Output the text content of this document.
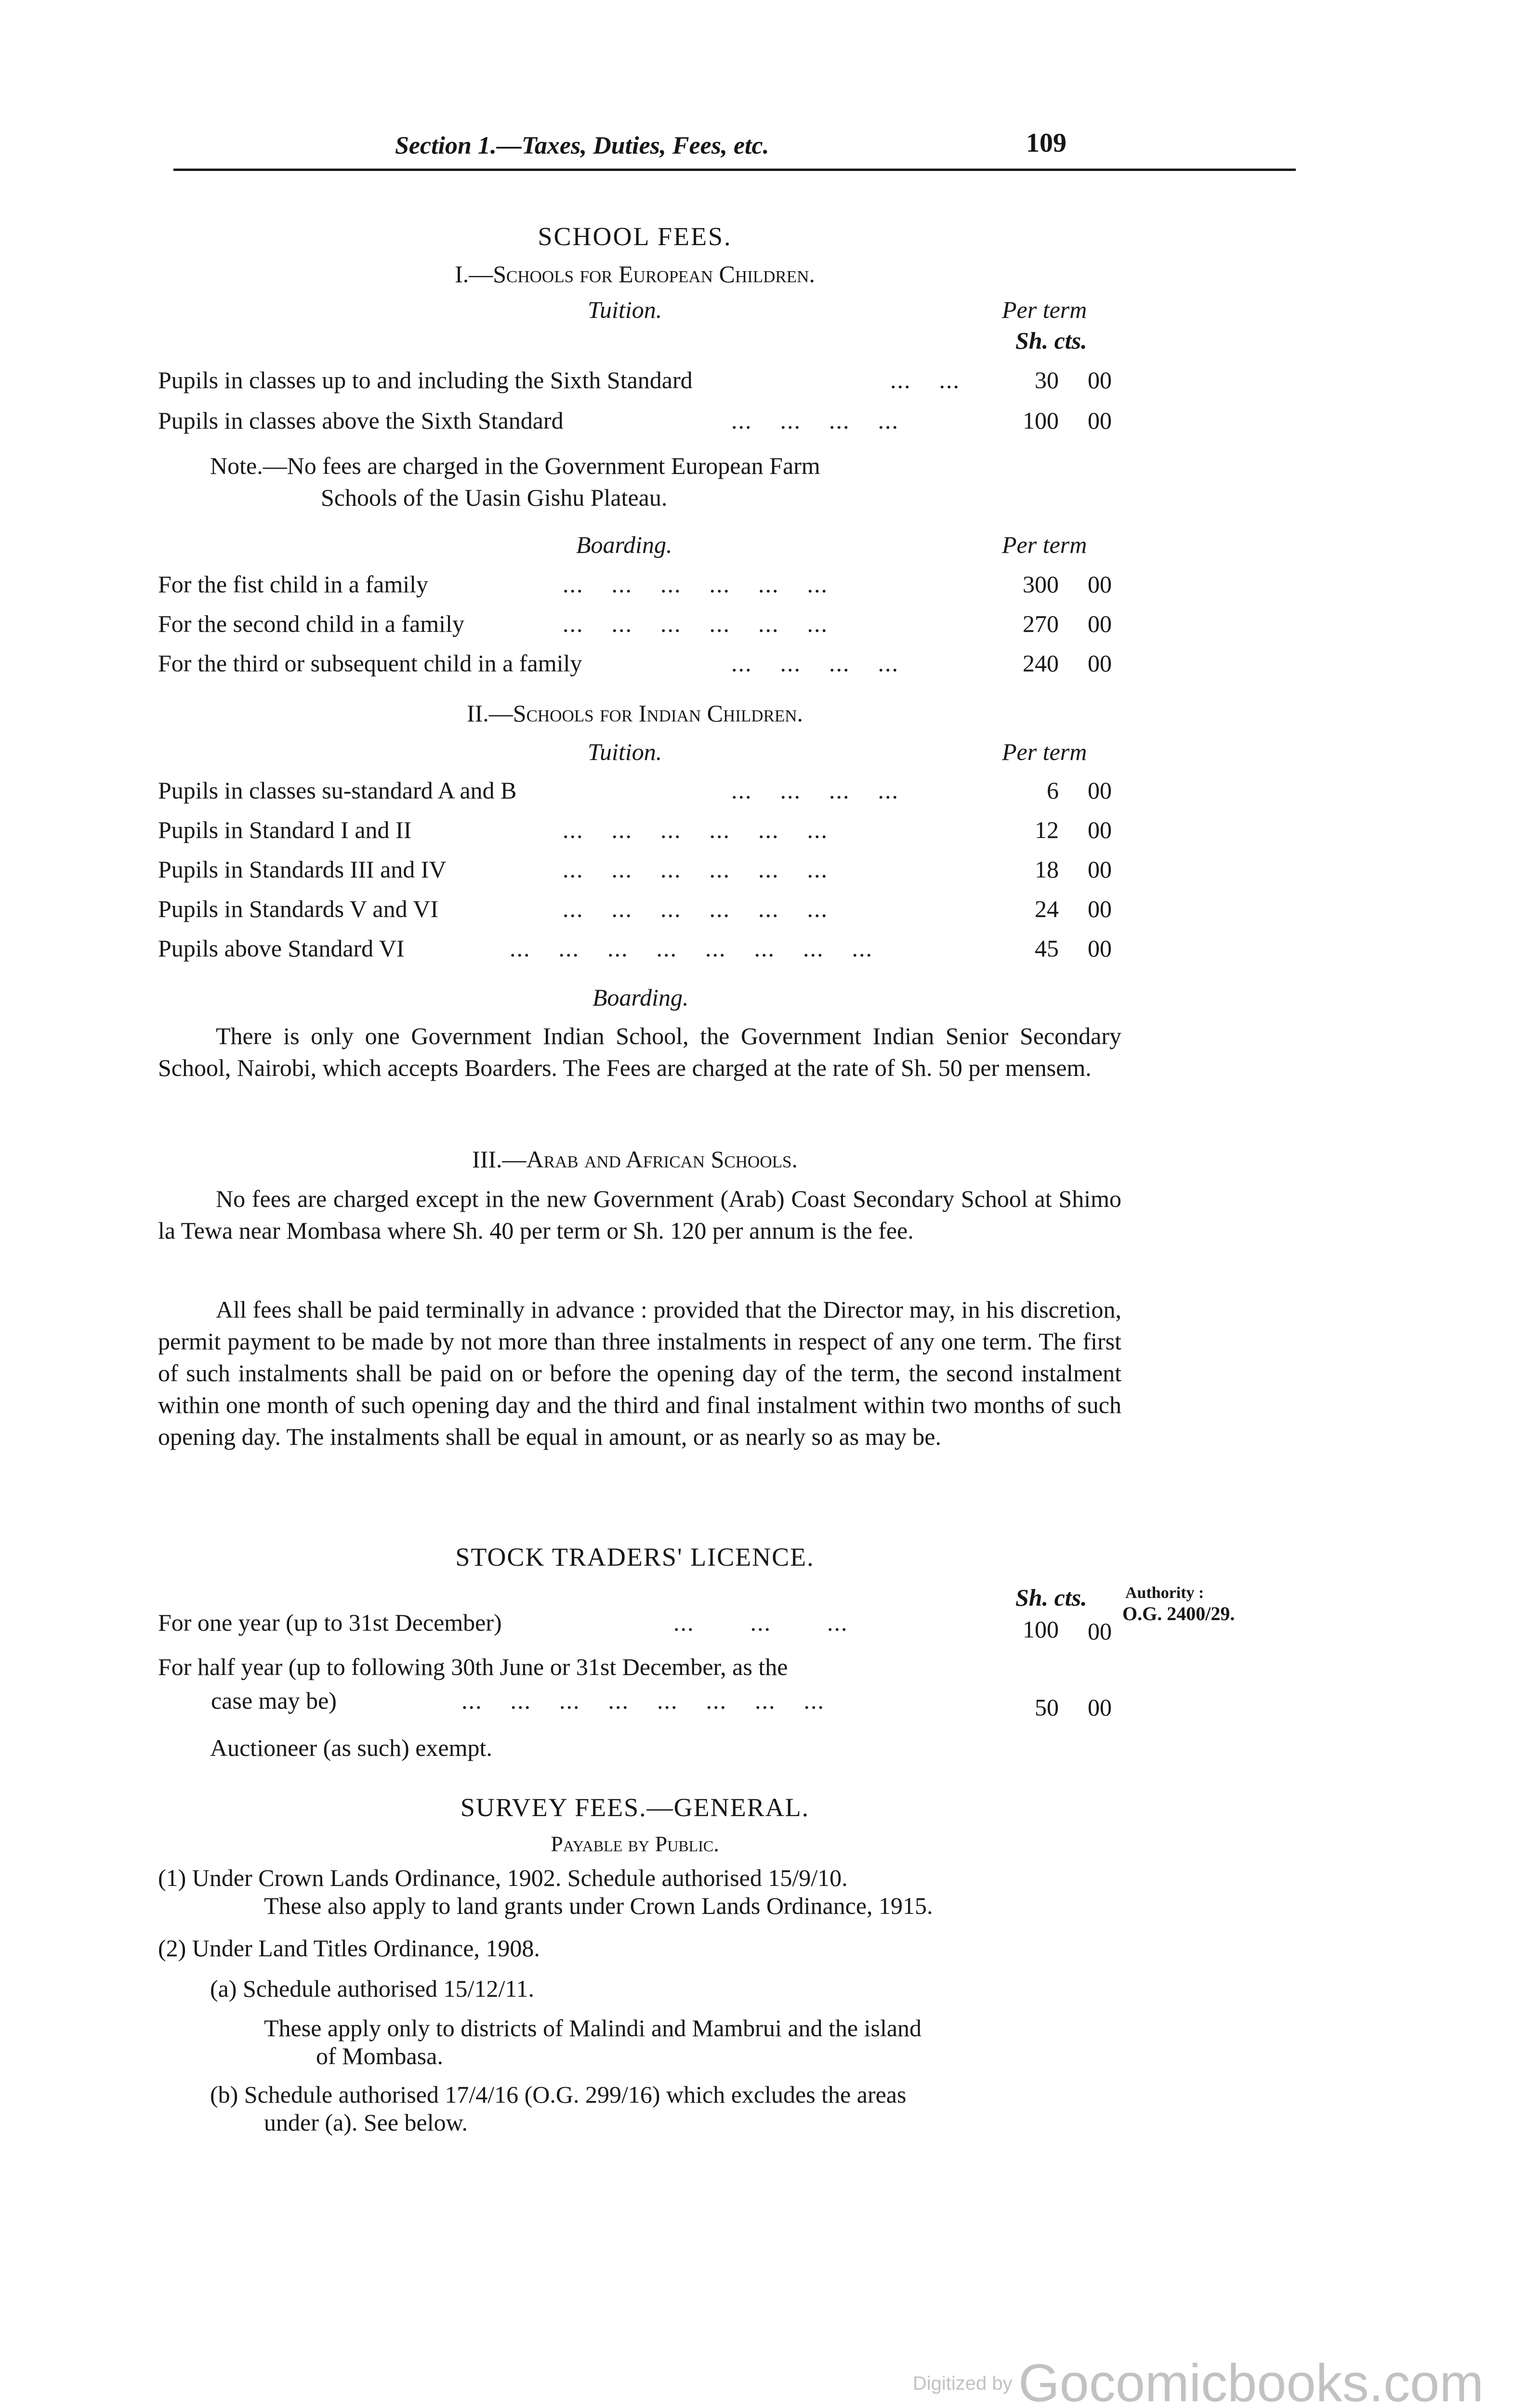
Section 1.—Taxes, Duties, Fees, etc.	109
SCHOOL FEES.
I.—Schools for European Children.
Tuition.	Per term
Sh. cts.
Pupils in classes up to and including the Sixth Standard	...    ...	30 00
Pupils in classes above the Sixth Standard	...    ...    ...    ...	100 00
Note.—No fees are charged in the Government European Farm
Schools of the Uasin Gishu Plateau.
Boarding.	Per term
For the fist child in a family	...    ...    ...    ...    ...    ...	300 00
For the second child in a family	...    ...    ...    ...    ...    ...	270 00
For the third or subsequent child in a family	...    ...    ...    ...	240 00
II.—Schools for Indian Children.
Tuition.	Per term
Pupils in classes su-standard A and B	...    ...    ...    ...	6 00
Pupils in Standard I and II	...    ...    ...    ...    ...    ...	12 00
Pupils in Standards III and IV	...    ...    ...    ...    ...    ...	18 00
Pupils in Standards V and VI	...    ...    ...    ...    ...    ...	24 00
Pupils above Standard VI	...    ...    ...    ...    ...    ...    ...    ...	45 00
Boarding.
There is only one Government Indian School, the Government Indian Senior Secondary School, Nairobi, which accepts Boarders. The Fees are charged at the rate of Sh. 50 per mensem.
III.—Arab and African Schools.
No fees are charged except in the new Government (Arab) Coast Secondary School at Shimo la Tewa near Mombasa where Sh. 40 per term or Sh. 120 per annum is the fee.
All fees shall be paid terminally in advance : provided that the Director may, in his discretion, permit payment to be made by not more than three instalments in respect of any one term. The first of such instalments shall be paid on or before the opening day of the term, the second instalment within one month of such opening day and the third and final instalment within two months of such opening day. The instalments shall be equal in amount, or as nearly so as may be.
STOCK TRADERS' LICENCE.
Sh. cts. Authority :
O.G. 2400/29.
For one year (up to 31st December)	...        ...        ...	100 00
For half year (up to following 30th June or 31st December, as the
case may be)	...    ...    ...    ...    ...    ...    ...    ...	50 00
Auctioneer (as such) exempt.
SURVEY FEES.—GENERAL.
Payable by Public.
(1) Under Crown Lands Ordinance, 1902. Schedule authorised 15/9/10.
These also apply to land grants under Crown Lands Ordinance, 1915.
(2) Under Land Titles Ordinance, 1908.
(a) Schedule authorised 15/12/11.
These apply only to districts of Malindi and Mambrui and the island
of Mombasa.
(b) Schedule authorised 17/4/16 (O.G. 299/16) which excludes the areas
under (a). See below.
Digitized by Gocomicbooks.com
